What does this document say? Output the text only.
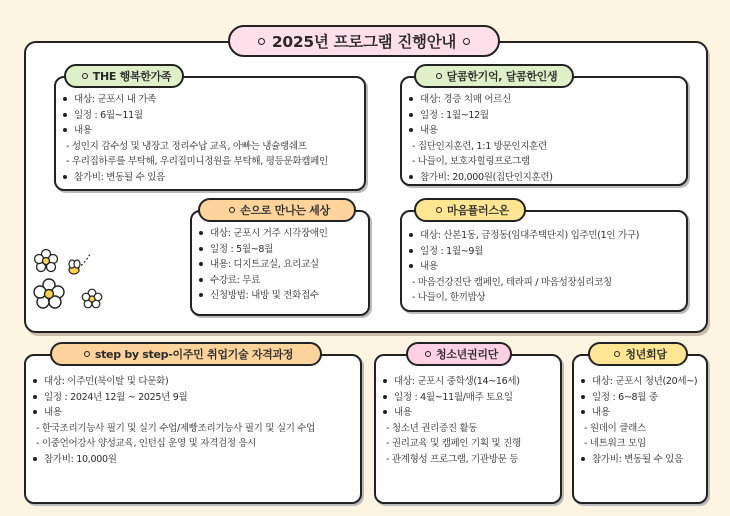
2025년 프로그램 진행안내
THE 행복한가족
대상: 군포시 내 가족
일정 : 6월~11월
내용
- 성인지 감수성 및 냉장고 정리수납 교육, 아빠는 냉슐랭쉐프
- 우리집하루를 부탁해, 우리집미니정원을 부탁해, 평등문화캠페인
참가비: 변동될 수 있음
달콤한기억, 달콤한인생
대상: 경증 치매 어르신
일정 : 1월~12월
내용
- 집단인지훈련, 1:1 방문인지훈련
- 나들이, 보호자힐링프로그램
참가비: 20,000원(집단인지훈련)
손으로 만나는 세상
대상: 군포시 거주 시각장애인
일정 : 5월~8월
내용: 디지트교실, 요리교실
수강료: 무료
신청방법: 내방 및 전화접수
마음플러스온
대상: 산본1동, 금정동(임대주택단지) 입주민(1인 가구)
일정 : 1월~9월
내용
- 마음건강진단 캠페인, 테라피 / 마음성장심리코칭
- 나들이, 한끼밥상
step by step-이주민 취업기술 자격과정
대상: 이주민(북이탈 및 다문화)
일정 : 2024년 12월 ~ 2025년 9월
내용
- 한국조리기능사 필기 및 실기 수업/제빵조리기능사 필기 및 실기 수업
- 이중언어강사 양성교육, 인턴십 운영 및 자격검정 응시
참가비: 10,000원
청소년권리단
대상: 군포시 중학생(14~16세)
일정 : 4월~11월/매주 토요일
내용
- 청소년 권리증진 활동
- 권리교육 및 캠페인 기획 및 진행
- 관계형성 프로그램, 기관방문 등
청년회담
대상: 군포시 청년(20세~)
일정 : 6~8월 중
내용
- 원데이 클래스
- 네트워크 모임
참가비: 변동될 수 있음
